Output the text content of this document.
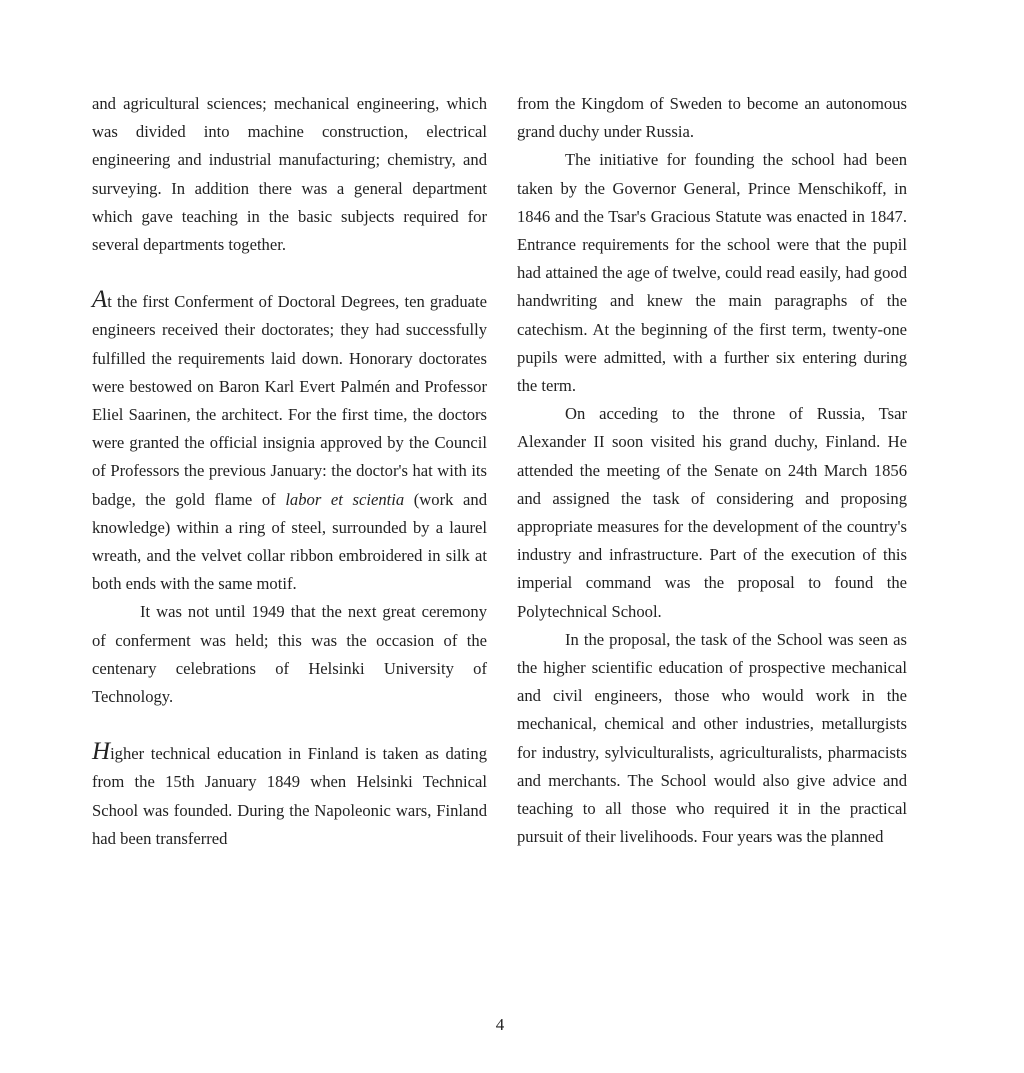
and agricultural sciences; mechanical engineering, which was divided into machine construction, electrical engineering and industrial manufacturing; chemistry, and surveying. In addition there was a general department which gave teaching in the basic subjects required for several departments together.

At the first Conferment of Doctoral Degrees, ten graduate engineers received their doctorates; they had successfully fulfilled the requirements laid down. Honorary doctorates were bestowed on Baron Karl Evert Palmén and Professor Eliel Saarinen, the architect. For the first time, the doctors were granted the official insignia approved by the Council of Professors the previous January: the doctor's hat with its badge, the gold flame of labor et scientia (work and knowledge) within a ring of steel, surrounded by a laurel wreath, and the velvet collar ribbon embroidered in silk at both ends with the same motif.

It was not until 1949 that the next great ceremony of conferment was held; this was the occasion of the centenary celebrations of Helsinki University of Technology.

Higher technical education in Finland is taken as dating from the 15th January 1849 when Helsinki Technical School was founded. During the Napoleonic wars, Finland had been transferred

from the Kingdom of Sweden to become an autonomous grand duchy under Russia.

The initiative for founding the school had been taken by the Governor General, Prince Menschikoff, in 1846 and the Tsar's Gracious Statute was enacted in 1847. Entrance requirements for the school were that the pupil had attained the age of twelve, could read easily, had good handwriting and knew the main paragraphs of the catechism. At the beginning of the first term, twenty-one pupils were admitted, with a further six entering during the term.

On acceding to the throne of Russia, Tsar Alexander II soon visited his grand duchy, Finland. He attended the meeting of the Senate on 24th March 1856 and assigned the task of considering and proposing appropriate measures for the development of the country's industry and infrastructure. Part of the execution of this imperial command was the proposal to found the Polytechnical School.

In the proposal, the task of the School was seen as the higher scientific education of prospective mechanical and civil engineers, those who would work in the mechanical, chemical and other industries, metallurgists for industry, sylviculturalists, agriculturalists, pharmacists and merchants. The School would also give advice and teaching to all those who required it in the practical pursuit of their livelihoods. Four years was the planned

4
